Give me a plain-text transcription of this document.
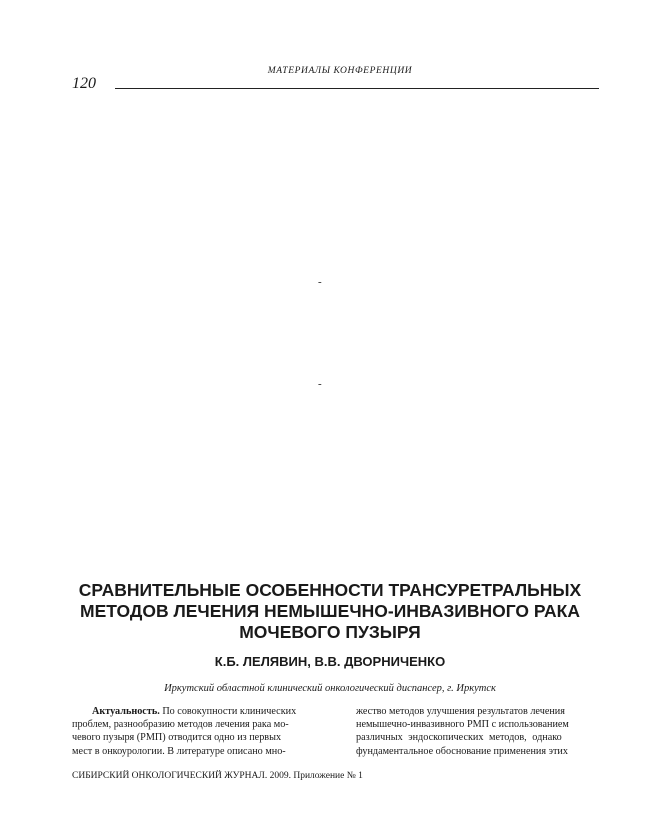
МАТЕРИАЛЫ КОНФЕРЕНЦИИ
120
-
-
СРАВНИТЕЛЬНЫЕ ОСОБЕННОСТИ ТРАНСУРЕТРАЛЬНЫХ
МЕТОДОВ ЛЕЧЕНИЯ НЕМЫШЕЧНО-ИНВАЗИВНОГО РАКА
МОЧЕВОГО ПУЗЫРЯ
К.Б. ЛЕЛЯВИН, В.В. ДВОРНИЧЕНКО
Иркутский областной клинический онкологический диспансер, г. Иркутск
Актуальность. По совокупности клинических
проблем, разнообразию методов лечения рака мо-
чевого пузыря (РМП) отводится одно из первых
мест в онкоурологии. В литературе описано мно-
жество методов улучшения результатов лечения
немышечно-инвазивного РМП с использованием
различных эндоскопических методов, однако
фундаментальное обоснование применения этих
СИБИРСКИЙ ОНКОЛОГИЧЕСКИЙ ЖУРНАЛ. 2009. Приложение № 1
